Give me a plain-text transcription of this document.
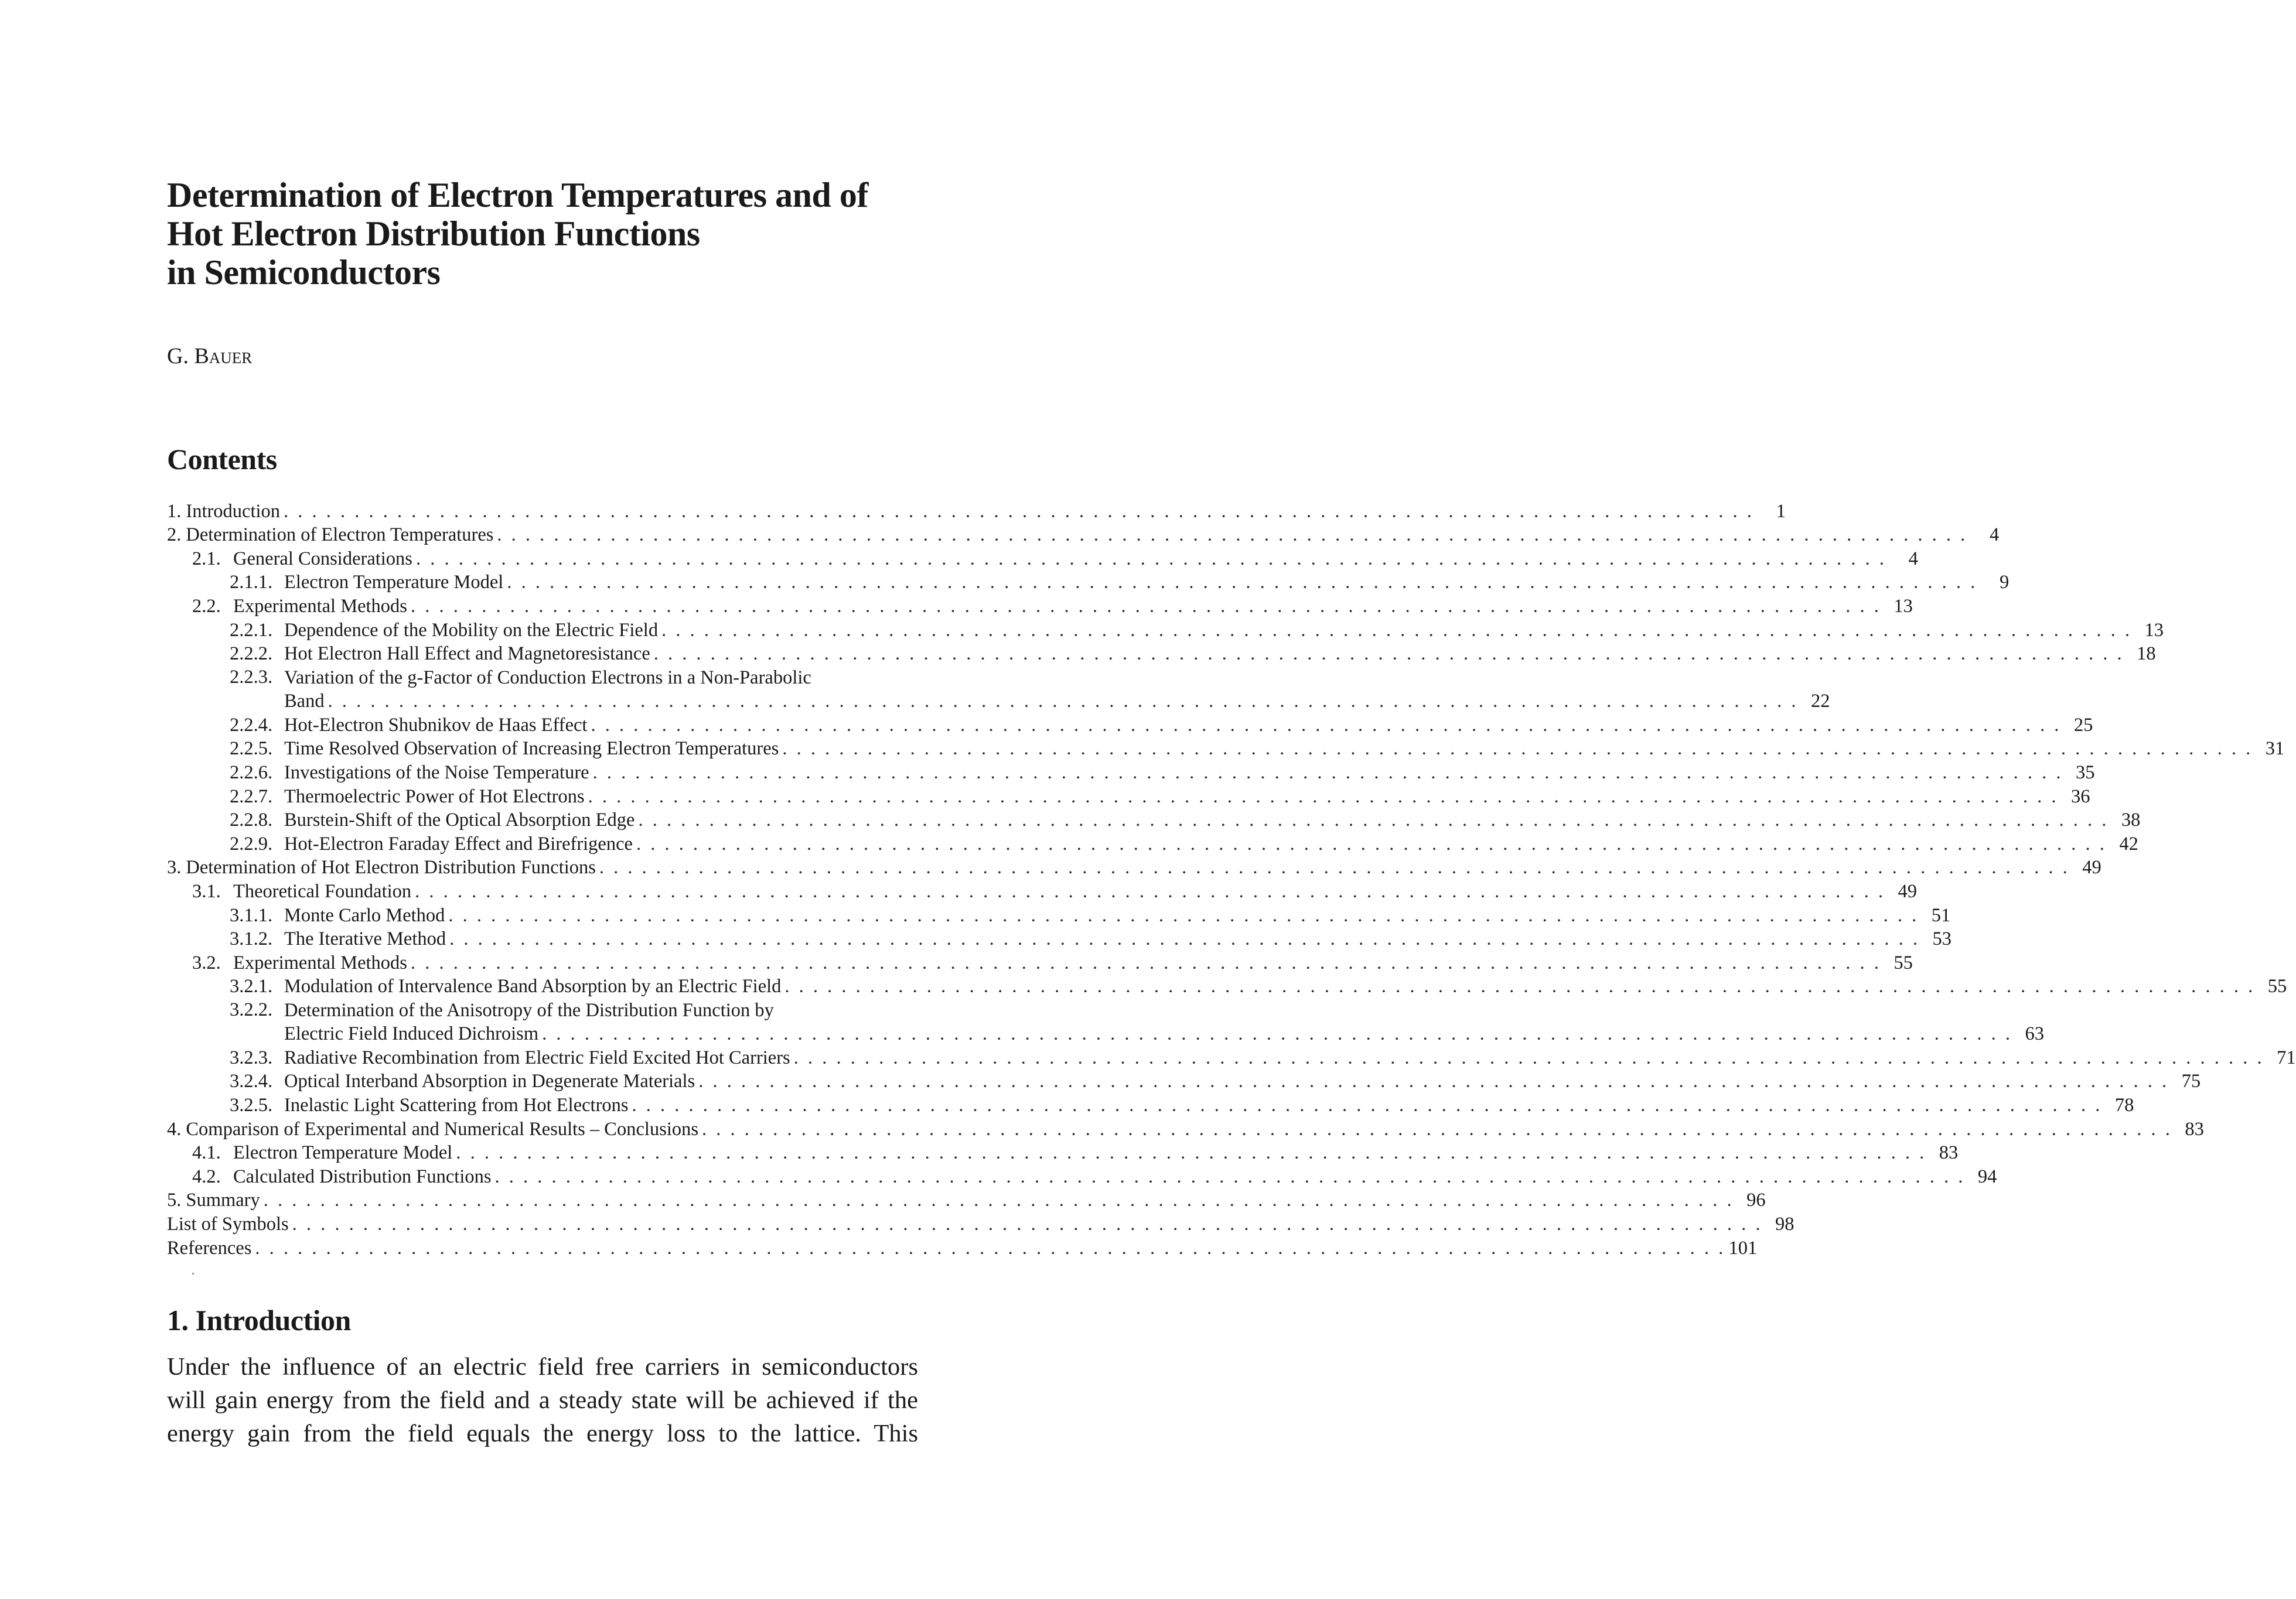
Determination of Electron Temperatures and of
Hot Electron Distribution Functions
in Semiconductors

G. Bauer

Contents
1. Introduction . . .	1
2. Determination of Electron Temperatures . . .	4
2.1. General Considerations . . .	4
2.1.1. Electron Temperature Model . . .	9
2.2. Experimental Methods . . .	13
2.2.1. Dependence of the Mobility on the Electric Field . . .	13
2.2.2. Hot Electron Hall Effect and Magnetoresistance . . .	18
2.2.3. Variation of the g-Factor of Conduction Electrons in a Non-Parabolic
Band . . .	22
2.2.4. Hot-Electron Shubnikov de Haas Effect . . .	25
2.2.5. Time Resolved Observation of Increasing Electron Temperatures . . .	31
2.2.6. Investigations of the Noise Temperature . . .	35
2.2.7. Thermoelectric Power of Hot Electrons . . .	36
2.2.8. Burstein-Shift of the Optical Absorption Edge . . .	38
2.2.9. Hot-Electron Faraday Effect and Birefrigence . . .	42
3. Determination of Hot Electron Distribution Functions . . .	49
3.1. Theoretical Foundation . . .	49
3.1.1. Monte Carlo Method . . .	51
3.1.2. The Iterative Method . . .	53
3.2. Experimental Methods . . .	55
3.2.1. Modulation of Intervalence Band Absorption by an Electric Field . . .	55
3.2.2. Determination of the Anisotropy of the Distribution Function by
Electric Field Induced Dichroism . . .	63
3.2.3. Radiative Recombination from Electric Field Excited Hot Carriers . . .	71
3.2.4. Optical Interband Absorption in Degenerate Materials . . .	75
3.2.5. Inelastic Light Scattering from Hot Electrons . . .	78
4. Comparison of Experimental and Numerical Results – Conclusions . . .	83
4.1. Electron Temperature Model . . .	83
4.2. Calculated Distribution Functions . . .	94
5. Summary . . .	96
List of Symbols . . .	98
References . . .	101
1. Introduction

Under the influence of an electric field free carriers in semiconductors
will gain energy from the field and a steady state will be achieved if the
energy gain from the field equals the energy loss to the lattice. This
